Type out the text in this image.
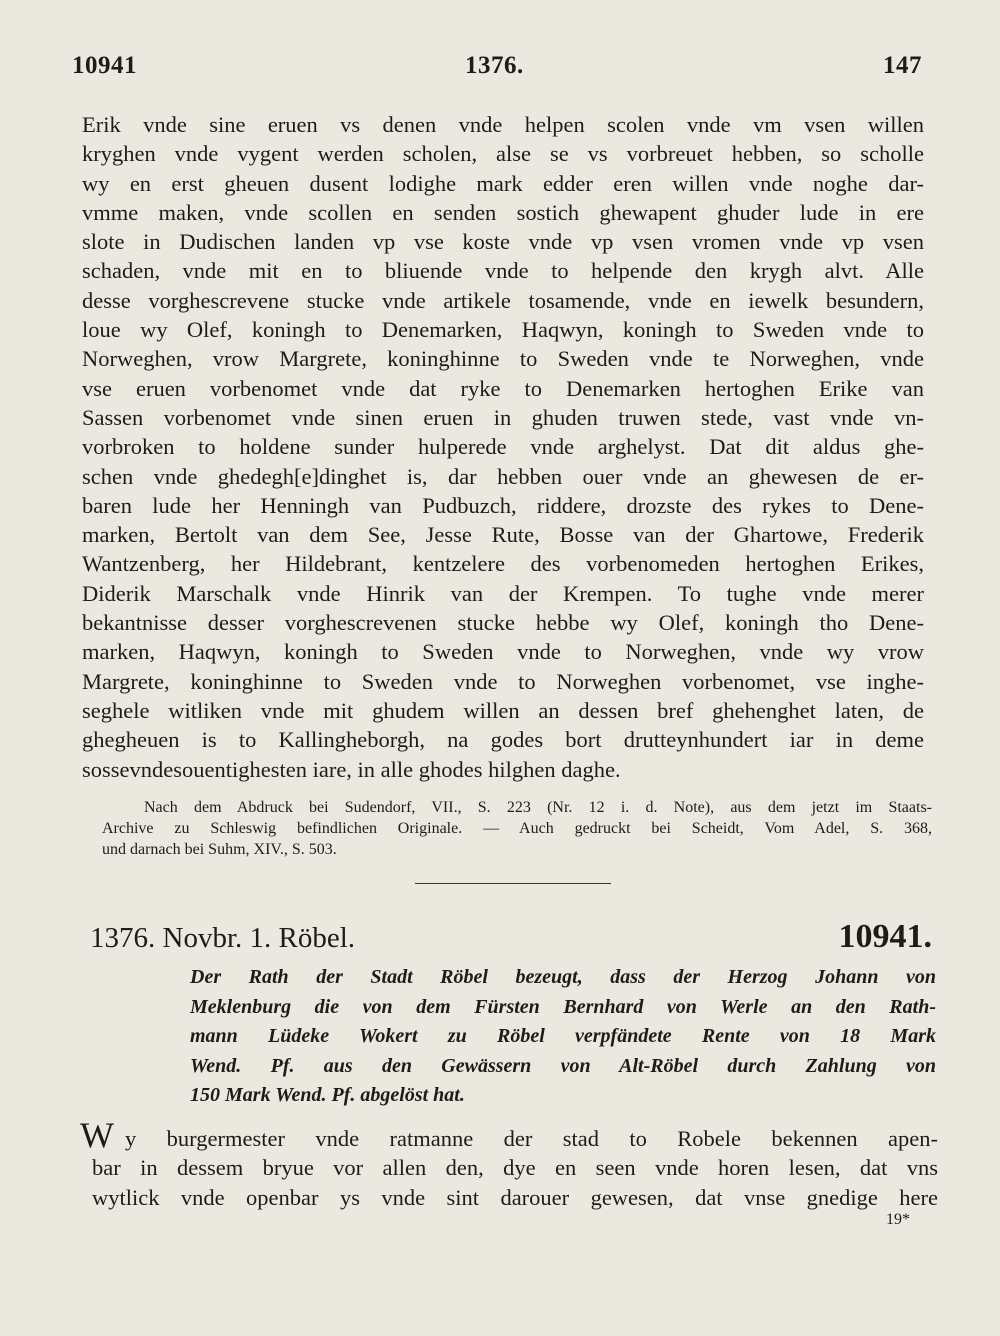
10941	1376.	147
Erik vnde sine eruen vs denen vnde helpen scolen vnde vm vsen willen
kryghen vnde vygent werden scholen, alse se vs vorbreuet hebben, so scholle
wy en erst gheuen dusent lodighe mark edder eren willen vnde noghe dar-
vmme maken, vnde scollen en senden sostich ghewapent ghuder lude in ere
slote in Dudischen landen vp vse koste vnde vp vsen vromen vnde vp vsen
schaden, vnde mit en to bliuende vnde to helpende den krygh alvt. Alle
desse vorghescrevene stucke vnde artikele tosamende, vnde en iewelk besundern,
loue wy Olef, koningh to Denemarken, Haqwyn, koningh to Sweden vnde to
Norweghen, vrow Margrete, koninghinne to Sweden vnde te Norweghen, vnde
vse eruen vorbenomet vnde dat ryke to Denemarken hertoghen Erike van
Sassen vorbenomet vnde sinen eruen in ghuden truwen stede, vast vnde vn-
vorbroken to holdene sunder hulperede vnde arghelyst. Dat dit aldus ghe-
schen vnde ghedegh[e]dinghet is, dar hebben ouer vnde an ghewesen de er-
baren lude her Henningh van Pudbuzch, riddere, drozste des rykes to Dene-
marken, Bertolt van dem See, Jesse Rute, Bosse van der Ghartowe, Frederik
Wantzenberg, her Hildebrant, kentzelere des vorbenomeden hertoghen Erikes,
Diderik Marschalk vnde Hinrik van der Krempen. To tughe vnde merer
bekantnisse desser vorghescrevenen stucke hebbe wy Olef, koningh tho Dene-
marken, Haqwyn, koningh to Sweden vnde to Norweghen, vnde wy vrow
Margrete, koninghinne to Sweden vnde to Norweghen vorbenomet, vse inghe-
seghele witliken vnde mit ghudem willen an dessen bref ghehenghet laten, de
ghegheuen is to Kallingheborgh, na godes bort drutteynhundert iar in deme
sossevndesouentighesten iare, in alle ghodes hilghen daghe.
Nach dem Abdruck bei Sudendorf, VII., S. 223 (Nr. 12 i. d. Note), aus dem jetzt im Staats-
Archive zu Schleswig befindlichen Originale. — Auch gedruckt bei Scheidt, Vom Adel, S. 368,
und darnach bei Suhm, XIV., S. 503.
1376. Novbr. 1. Röbel.	10941.
Der Rath der Stadt Röbel bezeugt, dass der Herzog Johann von
Meklenburg die von dem Fürsten Bernhard von Werle an den Rath-
mann Lüdeke Wokert zu Röbel verpfändete Rente von 18 Mark
Wend. Pf. aus den Gewässern von Alt-Röbel durch Zahlung von
150 Mark Wend. Pf. abgelöst hat.
W y burgermester vnde ratmanne der stad to Robele bekennen apen-
bar in dessem bryue vor allen den, dye en seen vnde horen lesen, dat vns
wytlick vnde openbar ys vnde sint darouer gewesen, dat vnse gnedige here
19*
